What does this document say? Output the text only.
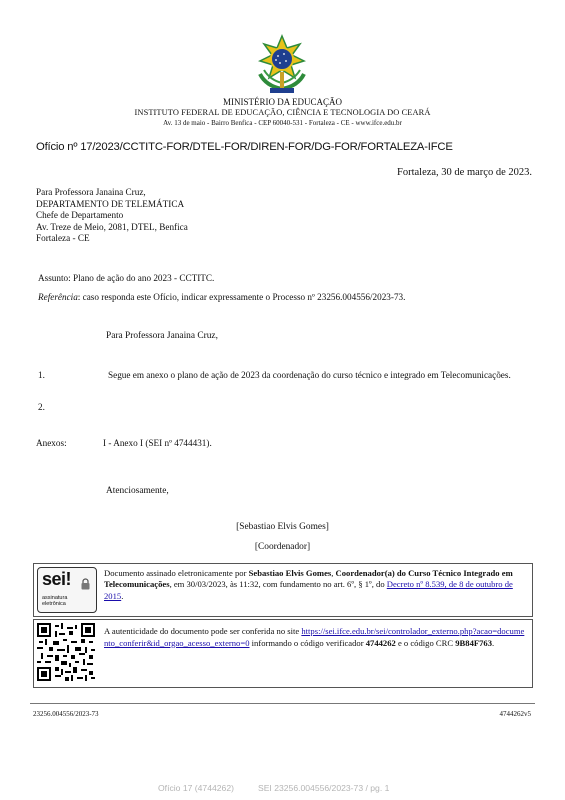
MINISTÉRIO DA EDUCAÇÃO
INSTITUTO FEDERAL DE EDUCAÇÃO, CIÊNCIA E TECNOLOGIA DO CEARÁ
Av. 13 de maio - Bairro Benfica - CEP 60040-531 - Fortaleza - CE - www.ifce.edu.br
Ofício nº 17/2023/CCTITC-FOR/DTEL-FOR/DIREN-FOR/DG-FOR/FORTALEZA-IFCE
Fortaleza, 30 de março de 2023.
Para Professora Janaina Cruz,
DEPARTAMENTO DE TELEMÁTICA
Chefe de Departamento
Av. Treze de Meio, 2081, DTEL, Benfica
Fortaleza - CE
Assunto: Plano de ação do ano 2023 - CCTITC.
Referência: caso responda este Ofício, indicar expressamente o Processo nº 23256.004556/2023-73.
Para Professora Janaina Cruz,
1.	Segue em anexo o plano de ação de 2023 da coordenação do curso técnico e integrado em Telecomunicações.
2.
Anexos:	I - Anexo I (SEI nº 4744431).
Atenciosamente,
[Sebastiao Elvis Gomes]
[Coordenador]
sei!
assinatura
eletrônica
Documento assinado eletronicamente por Sebastiao Elvis Gomes, Coordenador(a) do Curso Técnico Integrado em Telecomunicações, em 30/03/2023, às 11:32, com fundamento no art. 6º, § 1º, do Decreto nº 8.539, de 8 de outubro de 2015.
A autenticidade do documento pode ser conferida no site https://sei.ifce.edu.br/sei/controlador_externo.php?acao=documento_conferir&id_orgao_acesso_externo=0 informando o código verificador 4744262 e o código CRC 9B84F763.
23256.004556/2023-73	4744262v5
Ofício 17 (4744262)	SEI 23256.004556/2023-73 / pg. 1
